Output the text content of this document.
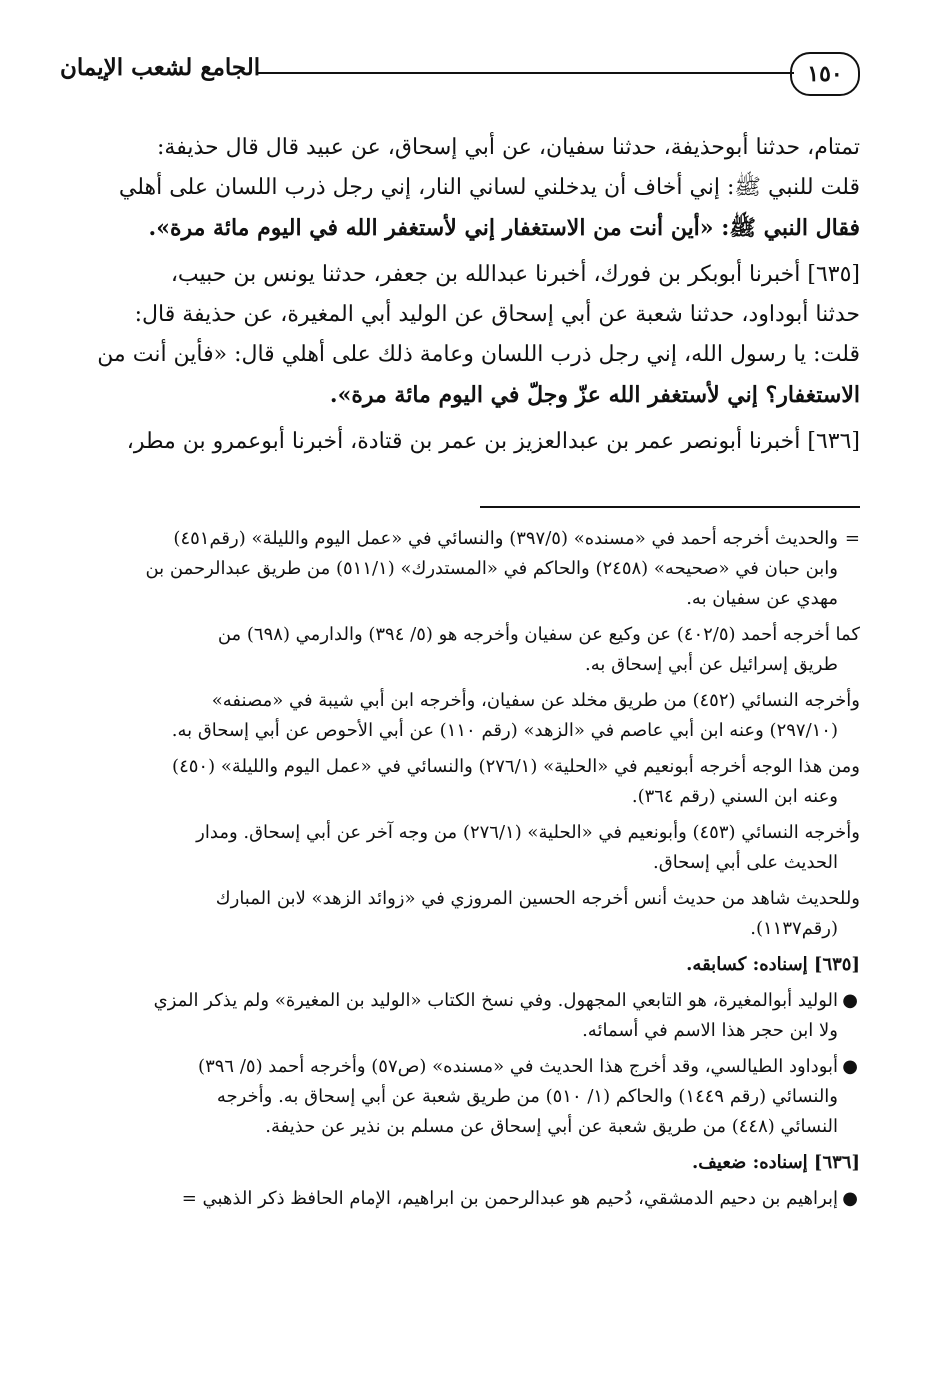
١٥٠
الجامع لشعب الإيمان
تمتام، حدثنا أبوحذيفة، حدثنا سفيان، عن أبي إسحاق، عن عبيد قال قال حذيفة:
قلت للنبي ﷺ: إني أخاف أن يدخلني لساني النار، إني رجل ذرب اللسان على أهلي
فقال النبي ﷺ: «أين أنت من الاستغفار إني لأستغفر الله في اليوم مائة مرة».
[٦٣٥] أخبرنا أبوبكر بن فورك، أخبرنا عبدالله بن جعفر، حدثنا يونس بن حبيب،
حدثنا أبوداود، حدثنا شعبة عن أبي إسحاق عن الوليد أبي المغيرة، عن حذيفة قال:
قلت: يا رسول الله، إني رجل ذرب اللسان وعامة ذلك على أهلي قال: «فأين أنت من
الاستغفار؟ إني لأستغفر الله عزّ وجلّ في اليوم مائة مرة».
[٦٣٦] أخبرنا أبونصر عمر بن عبدالعزيز بن عمر بن قتادة، أخبرنا أبوعمرو بن مطر،
=
والحديث أخرجه أحمد في «مسنده» (٣٩٧/٥) والنسائي في «عمل اليوم والليلة» (رقم٤٥١)
وابن حبان في «صحيحه» (٢٤٥٨) والحاكم في «المستدرك» (٥١١/١) من طريق عبدالرحمن بن
مهدي عن سفيان به.
كما أخرجه أحمد (٤٠٢/٥) عن وكيع عن سفيان وأخرجه هو (٥/ ٣٩٤) والدارمي (٦٩٨) من
طريق إسرائيل عن أبي إسحاق به.
وأخرجه النسائي (٤٥٢) من طريق مخلد عن سفيان، وأخرجه ابن أبي شيبة في «مصنفه»
(٢٩٧/١٠) وعنه ابن أبي عاصم في «الزهد» (رقم ١١٠) عن أبي الأحوص عن أبي إسحاق به.
ومن هذا الوجه أخرجه أبونعيم في «الحلية» (٢٧٦/١) والنسائي في «عمل اليوم والليلة» (٤٥٠)
وعنه ابن السني (رقم ٣٦٤).
وأخرجه النسائي (٤٥٣) وأبونعيم في «الحلية» (٢٧٦/١) من وجه آخر عن أبي إسحاق. ومدار
الحديث على أبي إسحاق.
وللحديث شاهد من حديث أنس أخرجه الحسين المروزي في «زوائد الزهد» لابن المبارك
(رقم١١٣٧).
[٦٣٥] إسناده: كسابقه.
●
الوليد أبوالمغيرة، هو التابعي المجهول. وفي نسخ الكتاب «الوليد بن المغيرة» ولم يذكر المزي
ولا ابن حجر هذا الاسم في أسمائه.
●
أبوداود الطيالسي، وقد أخرج هذا الحديث في «مسنده» (ص٥٧) وأخرجه أحمد (٥/ ٣٩٦)
والنسائي (رقم ١٤٤٩) والحاكم (١/ ٥١٠) من طريق شعبة عن أبي إسحاق به. وأخرجه
النسائي (٤٤٨) من طريق شعبة عن أبي إسحاق عن مسلم بن نذير عن حذيفة.
[٦٣٦] إسناده: ضعيف.
●
إبراهيم بن دحيم الدمشقي، دُحيم هو عبدالرحمن بن ابراهيم، الإمام الحافظ ذكر الذهبي =
